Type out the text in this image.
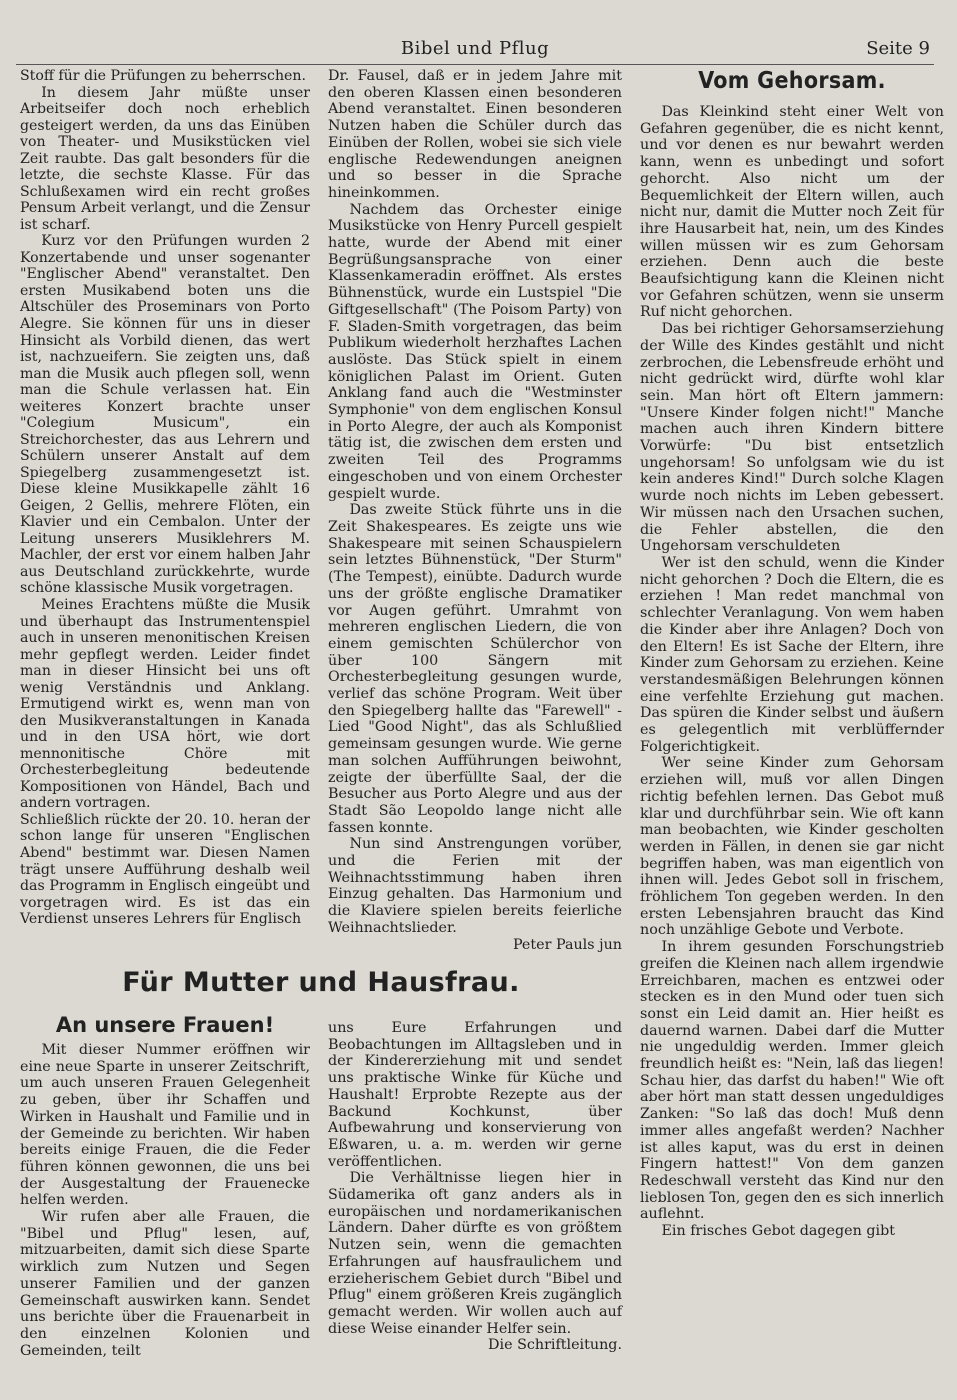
Bibel und Pflug	Seite 9

Stoff für die Prüfungen zu beherrschen.

In diesem Jahr müßte unser Arbeitseifer doch noch erheblich gesteigert werden, da uns das Einüben von Theater- und Musikstücken viel Zeit raubte. Das galt besonders für die letzte, die sechste Klasse. Für das Schlußexamen wird ein recht großes Pensum Arbeit verlangt, und die Zensur ist scharf.

Kurz vor den Prüfungen wurden 2 Konzertabende und unser sogenanter "Englischer Abend" veranstaltet. Den ersten Musikabend boten uns die Altschüler des Proseminars von Porto Alegre. Sie können für uns in dieser Hinsicht als Vorbild dienen, das wert ist, nachzueifern. Sie zeigten uns, daß man die Musik auch pflegen soll, wenn man die Schule verlassen hat. Ein weiteres Konzert brachte unser "Colegium Musicum", ein Streichorchester, das aus Lehrern und Schülern unserer Anstalt auf dem Spiegelberg zusammengesetzt ist. Diese kleine Musikkapelle zählt 16 Geigen, 2 Gellis, mehrere Flöten, ein Klavier und ein Cembalon. Unter der Leitung unserers Musiklehrers M. Machler, der erst vor einem halben Jahr aus Deutschland zurückkehrte, wurde schöne klassische Musik vorgetragen.

Meines Erachtens müßte die Musik und überhaupt das Instrumentenspiel auch in unseren menonitischen Kreisen mehr gepflegt werden. Leider findet man in dieser Hinsicht bei uns oft wenig Verständnis und Anklang. Ermutigend wirkt es, wenn man von den Musikveranstaltungen in Kanada und in den USA hört, wie dort mennonitische Chöre mit Orchesterbegleitung bedeutende Kompositionen von Händel, Bach und andern vortragen.

Schließlich rückte der 20. 10. heran der schon lange für unseren "Englischen Abend" bestimmt war. Diesen Namen trägt unsere Aufführung deshalb weil das Programm in Englisch eingeübt und vorgetragen wird. Es ist das ein Verdienst unseres Lehrers für Englisch

Dr. Fausel, daß er in jedem Jahre mit den oberen Klassen einen besonderen Abend veranstaltet. Einen besonderen Nutzen haben die Schüler durch das Einüben der Rollen, wobei sie sich viele englische Redewendungen aneignen und so besser in die Sprache hineinkommen.

Nachdem das Orchester einige Musikstücke von Henry Purcell gespielt hatte, wurde der Abend mit einer Begrüßungsansprache von einer Klassenkameradin eröffnet. Als erstes Bühnenstück, wurde ein Lustspiel "Die Giftgesellschaft" (The Poisom Party) von F. Sladen-Smith vorgetragen, das beim Publikum wiederholt herzhaftes Lachen auslöste. Das Stück spielt in einem königlichen Palast im Orient. Guten Anklang fand auch die "Westminster Symphonie" von dem englischen Konsul in Porto Alegre, der auch als Komponist tätig ist, die zwischen dem ersten und zweiten Teil des Programms eingeschoben und von einem Orchester gespielt wurde.

Das zweite Stück führte uns in die Zeit Shakespeares. Es zeigte uns wie Shakespeare mit seinen Schauspielern sein letztes Bühnenstück, "Der Sturm" (The Tempest), einübte. Dadurch wurde uns der größte englische Dramatiker vor Augen geführt. Umrahmt von mehreren englischen Liedern, die von einem gemischten Schülerchor von über 100 Sängern mit Orchesterbegleitung gesungen wurde, verlief das schöne Program. Weit über den Spiegelberg hallte das "Farewell" - Lied "Good Night", das als Schlußlied gemeinsam gesungen wurde. Wie gerne man solchen Aufführungen beiwohnt, zeigte der überfüllte Saal, der die Besucher aus Porto Alegre und aus der Stadt São Leopoldo lange nicht alle fassen konnte.

Nun sind Anstrengungen vorüber, und die Ferien mit der Weihnachtsstimmung haben ihren Einzug gehalten. Das Harmonium und die Klaviere spielen bereits feierliche Weihnachtslieder.

Peter Pauls jun

Vom Gehorsam.

Das Kleinkind steht einer Welt von Gefahren gegenüber, die es nicht kennt, und vor denen es nur bewahrt werden kann, wenn es unbedingt und sofort gehorcht. Also nicht um der Bequemlichkeit der Eltern willen, auch nicht nur, damit die Mutter noch Zeit für ihre Hausarbeit hat, nein, um des Kindes willen müssen wir es zum Gehorsam erziehen. Denn auch die beste Beaufsichtigung kann die Kleinen nicht vor Gefahren schützen, wenn sie unserm Ruf nicht gehorchen.

Das bei richtiger Gehorsamserziehung der Wille des Kindes gestählt und nicht zerbrochen, die Lebensfreude erhöht und nicht gedrückt wird, dürfte wohl klar sein. Man hört oft Eltern jammern: "Unsere Kinder folgen nicht!" Manche machen auch ihren Kindern bittere Vorwürfe: "Du bist entsetzlich ungehorsam! So unfolgsam wie du ist kein anderes Kind!" Durch solche Klagen wurde noch nichts im Leben gebessert. Wir müssen nach den Ursachen suchen, die Fehler abstellen, die den Ungehorsam verschuldeten

Wer ist den schuld, wenn die Kinder nicht gehorchen ? Doch die Eltern, die es erziehen ! Man redet manchmal von schlechter Veranlagung. Von wem haben die Kinder aber ihre Anlagen? Doch von den Eltern! Es ist Sache der Eltern, ihre Kinder zum Gehorsam zu erziehen. Keine verstandesmäßigen Belehrungen können eine verfehlte Erziehung gut machen. Das spüren die Kinder selbst und äußern es gelegentlich mit verblüffernder Folgerichtigkeit.

Wer seine Kinder zum Gehorsam erziehen will, muß vor allen Dingen richtig befehlen lernen. Das Gebot muß klar und durchführbar sein. Wie oft kann man beobachten, wie Kinder gescholten werden in Fällen, in denen sie gar nicht begriffen haben, was man eigentlich von ihnen will. Jedes Gebot soll in frischem, fröhlichem Ton gegeben werden. In den ersten Lebensjahren braucht das Kind noch unzählige Gebote und Verbote.

In ihrem gesunden Forschungstrieb greifen die Kleinen nach allem irgendwie Erreichbaren, machen es entzwei oder stecken es in den Mund oder tuen sich sonst ein Leid damit an. Hier heißt es dauernd warnen. Dabei darf die Mutter nie ungeduldig werden. Immer gleich freundlich heißt es: "Nein, laß das liegen! Schau hier, das darfst du haben!" Wie oft aber hört man statt dessen ungeduldiges Zanken: "So laß das doch! Muß denn immer alles angefaßt werden? Nachher ist alles kaput, was du erst in deinen Fingern hattest!" Von dem ganzen Redeschwall versteht das Kind nur den lieblosen Ton, gegen den es sich innerlich auflehnt.

Ein frisches Gebot dagegen gibt

Für Mutter und Hausfrau.
An unsere Frauen!

Mit dieser Nummer eröffnen wir eine neue Sparte in unserer Zeitschrift, um auch unseren Frauen Gelegenheit zu geben, über ihr Schaffen und Wirken in Haushalt und Familie und in der Gemeinde zu berichten. Wir haben bereits einige Frauen, die die Feder führen können gewonnen, die uns bei der Ausgestaltung der Frauenecke helfen werden.

Wir rufen aber alle Frauen, die "Bibel und Pflug" lesen, auf, mitzuarbeiten, damit sich diese Sparte wirklich zum Nutzen und Segen unserer Familien und der ganzen Gemeinschaft auswirken kann. Sendet uns berichte über die Frauenarbeit in den einzelnen Kolonien und Gemeinden, teilt

uns Eure Erfahrungen und Beobachtungen im Alltagsleben und in der Kindererziehung mit und sendet uns praktische Winke für Küche und Haushalt! Erprobte Rezepte aus der Backund Kochkunst, über Aufbewahrung und konservierung von Eßwaren, u. a. m. werden wir gerne veröffentlichen.

Die Verhältnisse liegen hier in Südamerika oft ganz anders als in europäischen und nordamerikanischen Ländern. Daher dürfte es von größtem Nutzen sein, wenn die gemachten Erfahrungen auf hausfraulichem und erzieherischem Gebiet durch "Bibel und Pflug" einem größeren Kreis zugänglich gemacht werden. Wir wollen auch auf diese Weise einander Helfer sein.

Die Schriftleitung.
